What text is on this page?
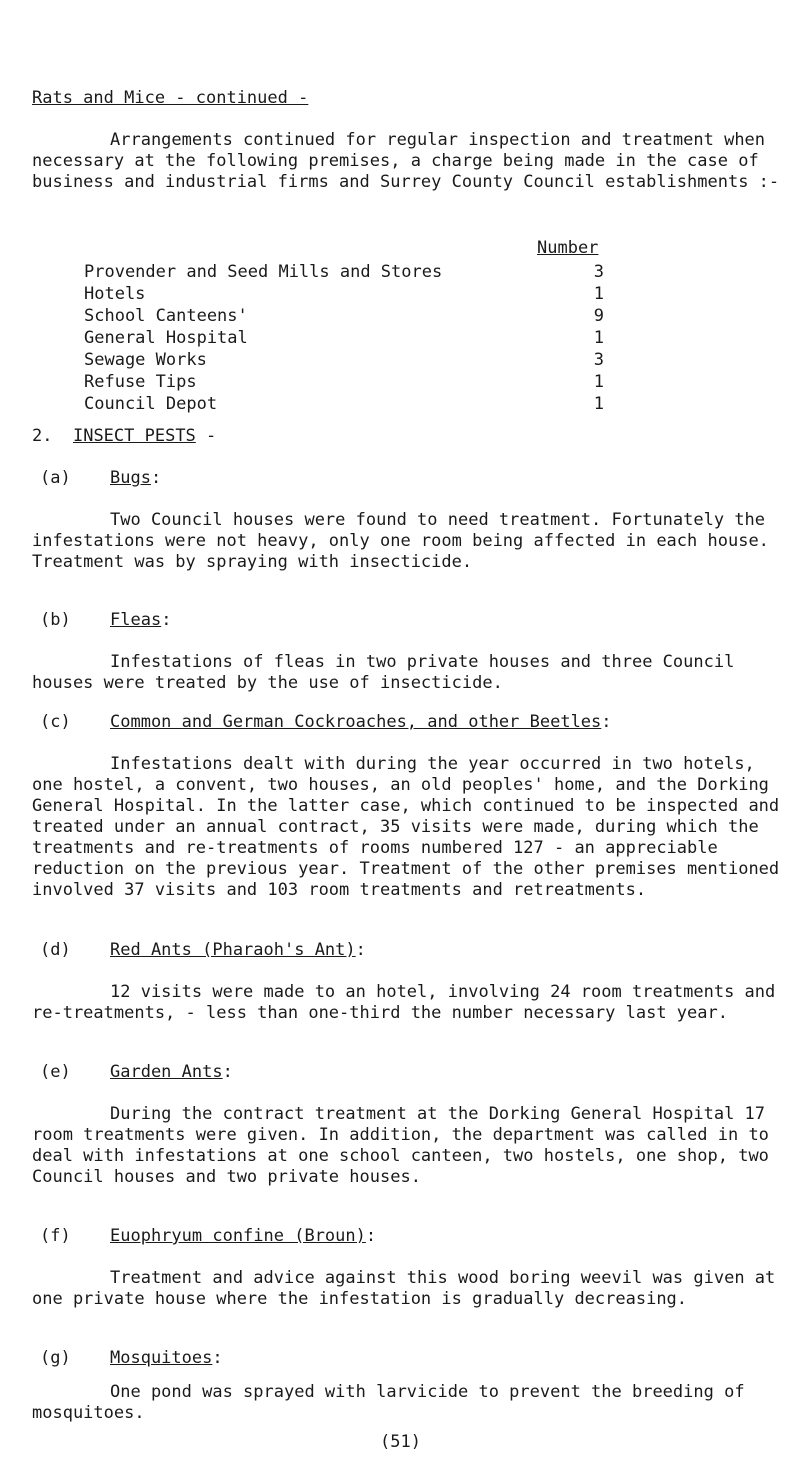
Rats and Mice - continued -
Arrangements continued for regular inspection and treatment when necessary at the following premises, a charge being made in the case of business and industrial firms and Surrey County Council establishments :-
Number
Provender and Seed Mills and Stores	3
Hotels	1
School Canteens'	9
General Hospital	1
Sewage Works	3
Refuse Tips	1
Council Depot	1
2. INSECT PESTS -
(a) Bugs:
Two Council houses were found to need treatment. Fortunately the infestations were not heavy, only one room being affected in each house. Treatment was by spraying with insecticide.
(b) Fleas:
Infestations of fleas in two private houses and three Council houses were treated by the use of insecticide.
(c) Common and German Cockroaches, and other Beetles:
Infestations dealt with during the year occurred in two hotels, one hostel, a convent, two houses, an old peoples' home, and the Dorking General Hospital. In the latter case, which continued to be inspected and treated under an annual contract, 35 visits were made, during which the treatments and re-treatments of rooms numbered 127 - an appreciable reduction on the previous year. Treatment of the other premises mentioned involved 37 visits and 103 room treatments and retreatments.
(d) Red Ants (Pharaoh's Ant):
12 visits were made to an hotel, involving 24 room treatments and re-treatments, - less than one-third the number necessary last year.
(e) Garden Ants:
During the contract treatment at the Dorking General Hospital 17 room treatments were given. In addition, the department was called in to deal with infestations at one school canteen, two hostels, one shop, two Council houses and two private houses.
(f) Euophryum confine (Broun):
Treatment and advice against this wood boring weevil was given at one private house where the infestation is gradually decreasing.
(g) Mosquitoes:
One pond was sprayed with larvicide to prevent the breeding of mosquitoes.
(51)
